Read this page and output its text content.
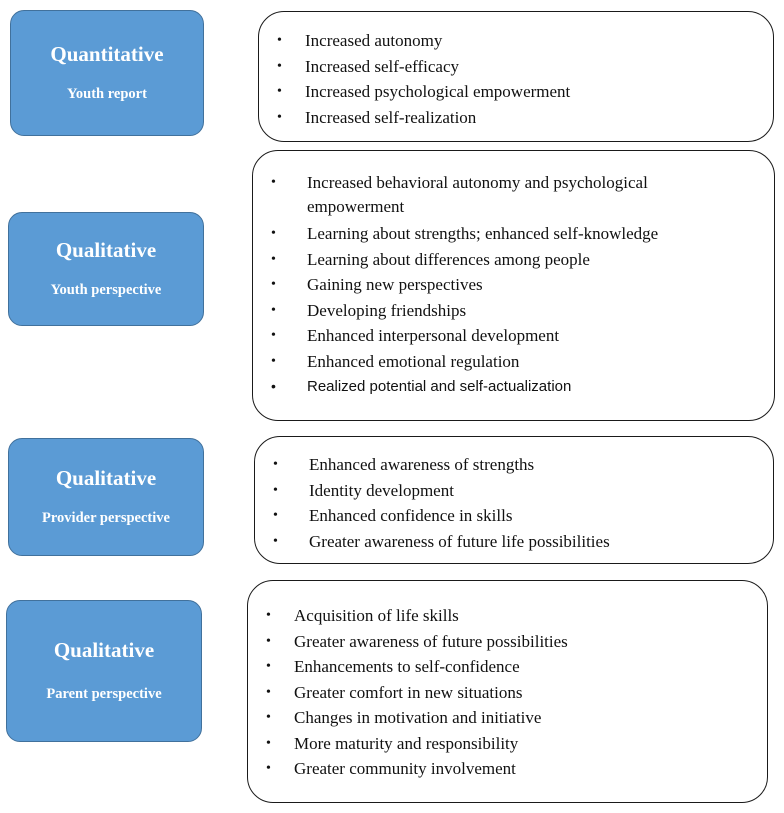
Quantitative
Youth report
• Increased autonomy
• Increased self-efficacy
• Increased psychological empowerment
• Increased self-realization
Qualitative
Youth perspective
• Increased behavioral autonomy and psychological empowerment
• Learning about strengths; enhanced self-knowledge
• Learning about differences among people
• Gaining new perspectives
• Developing friendships
• Enhanced interpersonal development
• Enhanced emotional regulation
• Realized potential and self-actualization
Qualitative
Provider perspective
• Enhanced awareness of strengths
• Identity development
• Enhanced confidence in skills
• Greater awareness of future life possibilities
Qualitative
Parent perspective
• Acquisition of life skills
• Greater awareness of future possibilities
• Enhancements to self-confidence
• Greater comfort in new situations
• Changes in motivation and initiative
• More maturity and responsibility
• Greater community involvement
